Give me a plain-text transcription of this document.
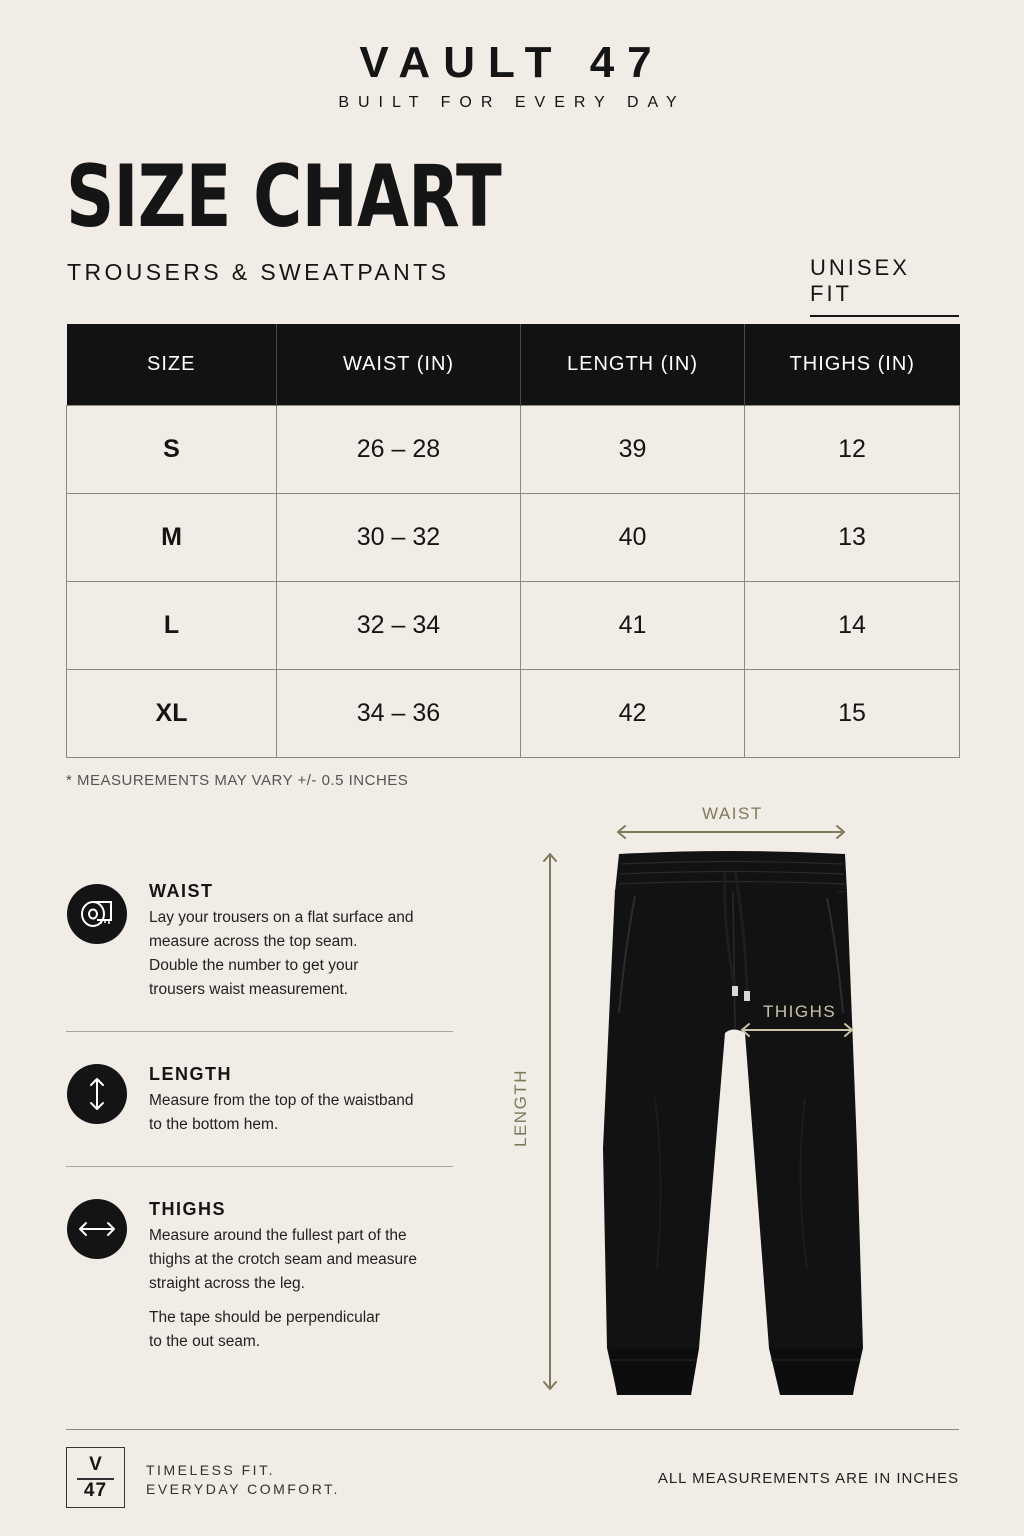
VAULT 47
BUILT FOR EVERY DAY
SIZE CHART
TROUSERS & SWEATPANTS	UNISEX FIT
SIZE	WAIST (IN)	LENGTH (IN)	THIGHS (IN)
S	26 – 28	39	12
M	30 – 32	40	13
L	32 – 34	41	14
XL	34 – 36	42	15
* MEASUREMENTS MAY VARY +/- 0.5 INCHES
WAIST
Lay your trousers on a flat surface and
measure across the top seam.
Double the number to get your
trousers waist measurement.
LENGTH
Measure from the top of the waistband
to the bottom hem.
THIGHS
Measure around the fullest part of the
thighs at the crotch seam and measure
straight across the leg.
The tape should be perpendicular
to the out seam.
WAIST
LENGTH
THIGHS
V
47
TIMELESS FIT.
EVERYDAY COMFORT.
ALL MEASUREMENTS ARE IN INCHES
